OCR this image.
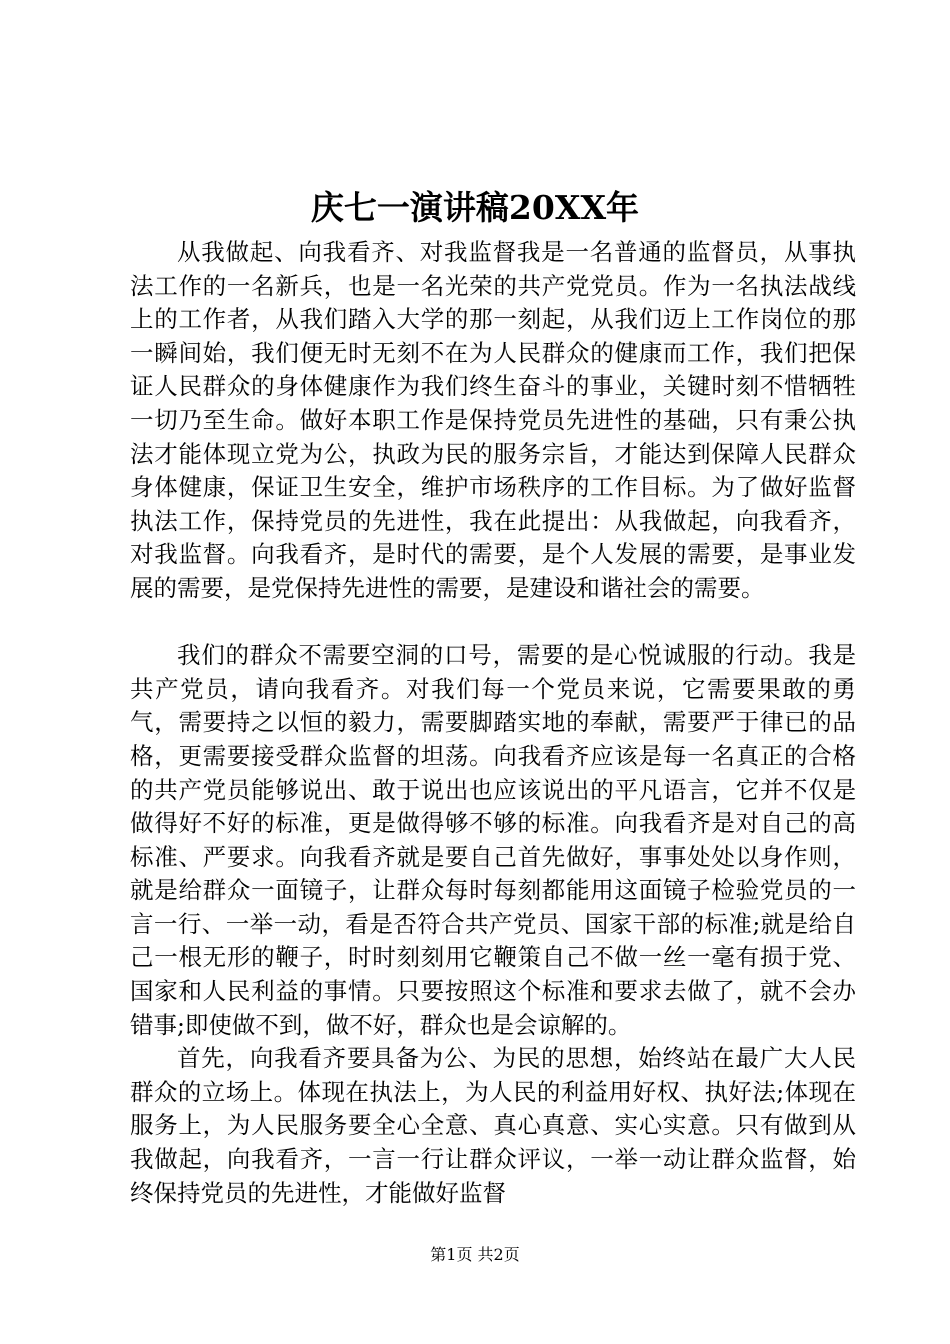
庆七一演讲稿20XX年

从我做起、向我看齐、对我监督我是一名普通的监督员，从事执法工作的一名新兵，也是一名光荣的共产党党员。作为一名执法战线上的工作者，从我们踏入大学的那一刻起，从我们迈上工作岗位的那一瞬间始，我们便无时无刻不在为人民群众的健康而工作，我们把保证人民群众的身体健康作为我们终生奋斗的事业，关键时刻不惜牺牲一切乃至生命。做好本职工作是保持党员先进性的基础，只有秉公执法才能体现立党为公，执政为民的服务宗旨，才能达到保障人民群众身体健康，保证卫生安全，维护市场秩序的工作目标。为了做好监督执法工作，保持党员的先进性，我在此提出：从我做起，向我看齐，对我监督。向我看齐，是时代的需要，是个人发展的需要，是事业发展的需要，是党保持先进性的需要，是建设和谐社会的需要。

我们的群众不需要空洞的口号，需要的是心悦诚服的行动。我是共产党员，请向我看齐。对我们每一个党员来说，它需要果敢的勇气，需要持之以恒的毅力，需要脚踏实地的奉献，需要严于律已的品格，更需要接受群众监督的坦荡。向我看齐应该是每一名真正的合格的共产党员能够说出、敢于说出也应该说出的平凡语言，它并不仅是做得好不好的标准，更是做得够不够的标准。向我看齐是对自己的高标准、严要求。向我看齐就是要自己首先做好，事事处处以身作则，就是给群众一面镜子，让群众每时每刻都能用这面镜子检验党员的一言一行、一举一动，看是否符合共产党员、国家干部的标准;就是给自己一根无形的鞭子，时时刻刻用它鞭策自己不做一丝一毫有损于党、国家和人民利益的事情。只要按照这个标准和要求去做了，就不会办错事;即使做不到，做不好，群众也是会谅解的。

首先，向我看齐要具备为公、为民的思想，始终站在最广大人民群众的立场上。体现在执法上，为人民的利益用好权、执好法;体现在服务上，为人民服务要全心全意、真心真意、实心实意。只有做到从我做起，向我看齐，一言一行让群众评议，一举一动让群众监督，始终保持党员的先进性，才能做好监督

第1页 共2页
